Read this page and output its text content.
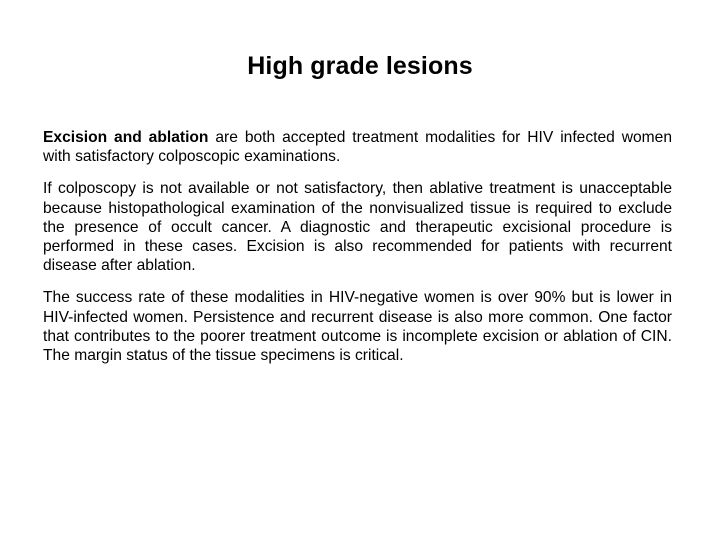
High grade lesions

Excision and ablation are both accepted treatment modalities for HIV infected women with satisfactory colposcopic examinations.

If colposcopy is not available or not satisfactory, then ablative treatment is unacceptable because histopathological examination of the nonvisualized tissue is required to exclude the presence of occult cancer. A diagnostic and therapeutic excisional procedure is performed in these cases. Excision is also recommended for patients with recurrent disease after ablation.

The success rate of these modalities in HIV-negative women is over 90% but is lower in HIV-infected women. Persistence and recurrent disease is also more common. One factor that contributes to the poorer treatment outcome is incomplete excision or ablation of CIN. The margin status of the tissue specimens is critical.
